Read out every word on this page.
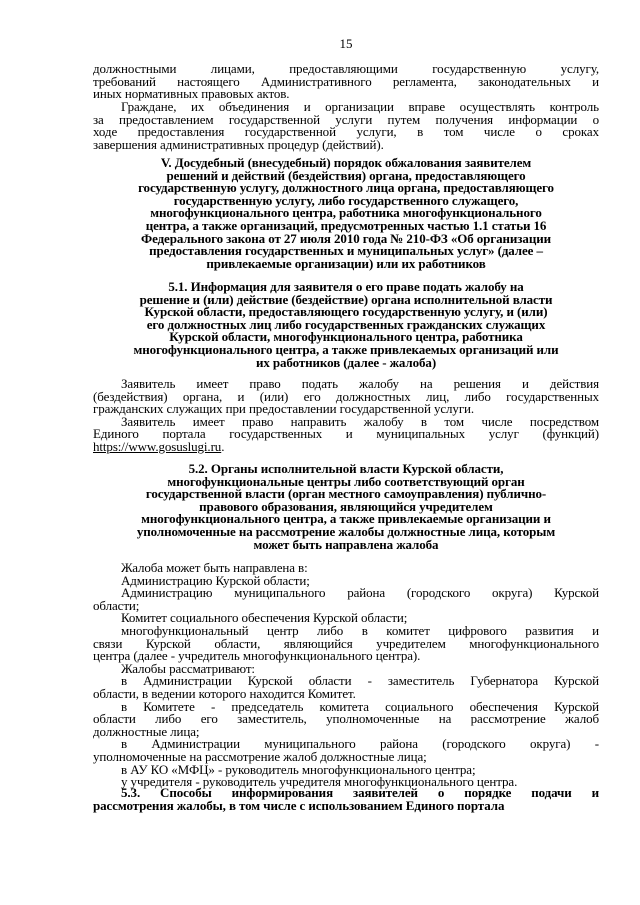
15
должностными лицами, предоставляющими государственную услугу,
требований настоящего Административного регламента, законодательных и
иных нормативных правовых актов.
Граждане, их объединения и организации вправе осуществлять контроль
за предоставлением государственной услуги путем получения информации о
ходе предоставления государственной услуги, в том числе о сроках
завершения административных процедур (действий).
V. Досудебный (внесудебный) порядок обжалования заявителем
решений и действий (бездействия) органа, предоставляющего
государственную услугу, должностного лица органа, предоставляющего
государственную услугу, либо государственного служащего,
многофункционального центра, работника многофункционального
центра, а также организаций, предусмотренных частью 1.1 статьи 16
Федерального закона от 27 июля 2010 года № 210-ФЗ «Об организации
предоставления государственных и муниципальных услуг» (далее –
привлекаемые организации) или их работников
5.1. Информация для заявителя о его праве подать жалобу на
решение и (или) действие (бездействие) органа исполнительной власти
Курской области, предоставляющего государственную услугу, и (или)
его должностных лиц либо государственных гражданских служащих
Курской области, многофункционального центра, работника
многофункционального центра, а также привлекаемых организаций или
их работников (далее - жалоба)
Заявитель имеет право подать жалобу на решения и действия
(бездействия) органа, и (или) его должностных лиц, либо государственных
гражданских служащих при предоставлении государственной услуги.
Заявитель имеет право направить жалобу в том числе посредством
Единого портала государственных и муниципальных услуг (функций)
https://www.gosuslugi.ru.
5.2. Органы исполнительной власти Курской области,
многофункциональные центры либо соответствующий орган
государственной власти (орган местного самоуправления) публично-
правового образования, являющийся учредителем
многофункционального центра, а также привлекаемые организации и
уполномоченные на рассмотрение жалобы должностные лица, которым
может быть направлена жалоба
Жалоба может быть направлена в:
Администрацию Курской области;
Администрацию муниципального района (городского округа) Курской
области;
Комитет социального обеспечения Курской области;
многофункциональный центр либо в комитет цифрового развития и
связи Курской области, являющийся учредителем многофункционального
центра (далее - учредитель многофункционального центра).
Жалобы рассматривают:
в Администрации Курской области - заместитель Губернатора Курской
области, в ведении которого находится Комитет.
в Комитете - председатель комитета социального обеспечения Курской
области либо его заместитель, уполномоченные на рассмотрение жалоб
должностные лица;
в Администрации муниципального района (городского округа) -
уполномоченные на рассмотрение жалоб должностные лица;
в АУ КО «МФЦ» - руководитель многофункционального центра;
у учредителя - руководитель учредителя многофункционального центра.
5.3. Способы информирования заявителей о порядке подачи и
рассмотрения жалобы, в том числе с использованием Единого портала
